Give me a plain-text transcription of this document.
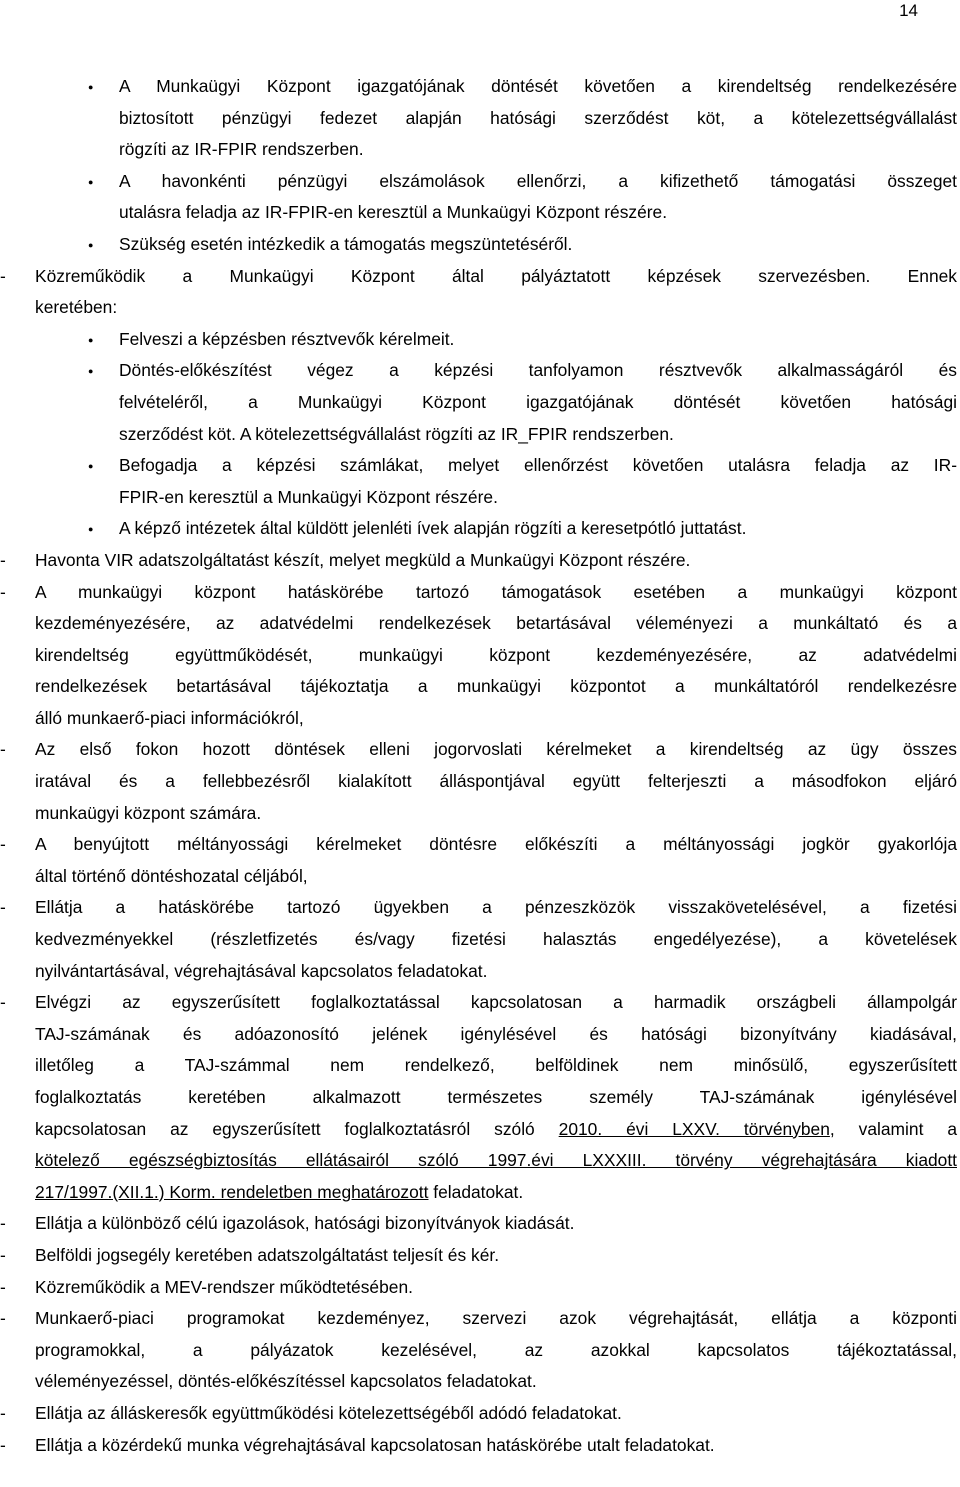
14
● A Munkaügyi Központ igazgatójának döntését követően a kirendeltség rendelkezésére
biztosított pénzügyi fedezet alapján hatósági szerződést köt, a kötelezettségvállalást
rögzíti az IR-FPIR rendszerben.
● A havonkénti pénzügyi elszámolások ellenőrzi, a kifizethető támogatási összeget
utalásra feladja az IR-FPIR-en keresztül a Munkaügyi Központ részére.
● Szükség esetén intézkedik a támogatás megszüntetéséről.
- Közreműködik a Munkaügyi Központ által pályáztatott képzések szervezésben. Ennek
keretében:
● Felveszi a képzésben résztvevők kérelmeit.
● Döntés-előkészítést végez a képzési tanfolyamon résztvevők alkalmasságáról és
felvételéről, a Munkaügyi Központ igazgatójának döntését követően hatósági
szerződést köt. A kötelezettségvállalást rögzíti az IR_FPIR rendszerben.
● Befogadja a képzési számlákat, melyet ellenőrzést követően utalásra feladja az IR-
FPIR-en keresztül a Munkaügyi Központ részére.
● A képző intézetek által küldött jelenléti ívek alapján rögzíti a keresetpótló juttatást.
- Havonta VIR adatszolgáltatást készít, melyet megküld a Munkaügyi Központ részére.
- A munkaügyi központ hatáskörébe tartozó támogatások esetében a munkaügyi központ
kezdeményezésére, az adatvédelmi rendelkezések betartásával véleményezi a munkáltató és a
kirendeltség együttműködését, munkaügyi központ kezdeményezésére, az adatvédelmi
rendelkezések betartásával tájékoztatja a munkaügyi központot a munkáltatóról rendelkezésre
álló munkaerő-piaci információkról,
- Az első fokon hozott döntések elleni jogorvoslati kérelmeket a kirendeltség az ügy összes
iratával és a fellebbezésről kialakított álláspontjával együtt felterjeszti a másodfokon eljáró
munkaügyi központ számára.
- A benyújtott méltányossági kérelmeket döntésre előkészíti a méltányossági jogkör gyakorlója
által történő döntéshozatal céljából,
- Ellátja a hatáskörébe tartozó ügyekben a pénzeszközök visszakövetelésével, a fizetési
kedvezményekkel (részletfizetés és/vagy fizetési halasztás engedélyezése), a követelések
nyilvántartásával, végrehajtásával kapcsolatos feladatokat.
- Elvégzi az egyszerűsített foglalkoztatással kapcsolatosan a harmadik országbeli állampolgár
TAJ-számának és adóazonosító jelének igénylésével és hatósági bizonyítvány kiadásával,
illetőleg a TAJ-számmal nem rendelkező, belföldinek nem minősülő, egyszerűsített
foglalkoztatás keretében alkalmazott természetes személy TAJ-számának igénylésével
kapcsolatosan az egyszerűsített foglalkoztatásról szóló 2010. évi LXXV. törvényben, valamint a
kötelező egészségbiztosítás ellátásairól szóló 1997.évi LXXXIII. törvény végrehajtására kiadott
217/1997.(XII.1.) Korm. rendeletben meghatározott feladatokat.
- Ellátja a különböző célú igazolások, hatósági bizonyítványok kiadását.
- Belföldi jogsegély keretében adatszolgáltatást teljesít és kér.
- Közreműködik a MEV-rendszer működtetésében.
- Munkaerő-piaci programokat kezdeményez, szervezi azok végrehajtását, ellátja a központi
programokkal, a pályázatok kezelésével, az azokkal kapcsolatos tájékoztatással,
véleményezéssel, döntés-előkészítéssel kapcsolatos feladatokat.
- Ellátja az álláskeresők együttműködési kötelezettségéből adódó feladatokat.
- Ellátja a közérdekű munka végrehajtásával kapcsolatosan hatáskörébe utalt feladatokat.
